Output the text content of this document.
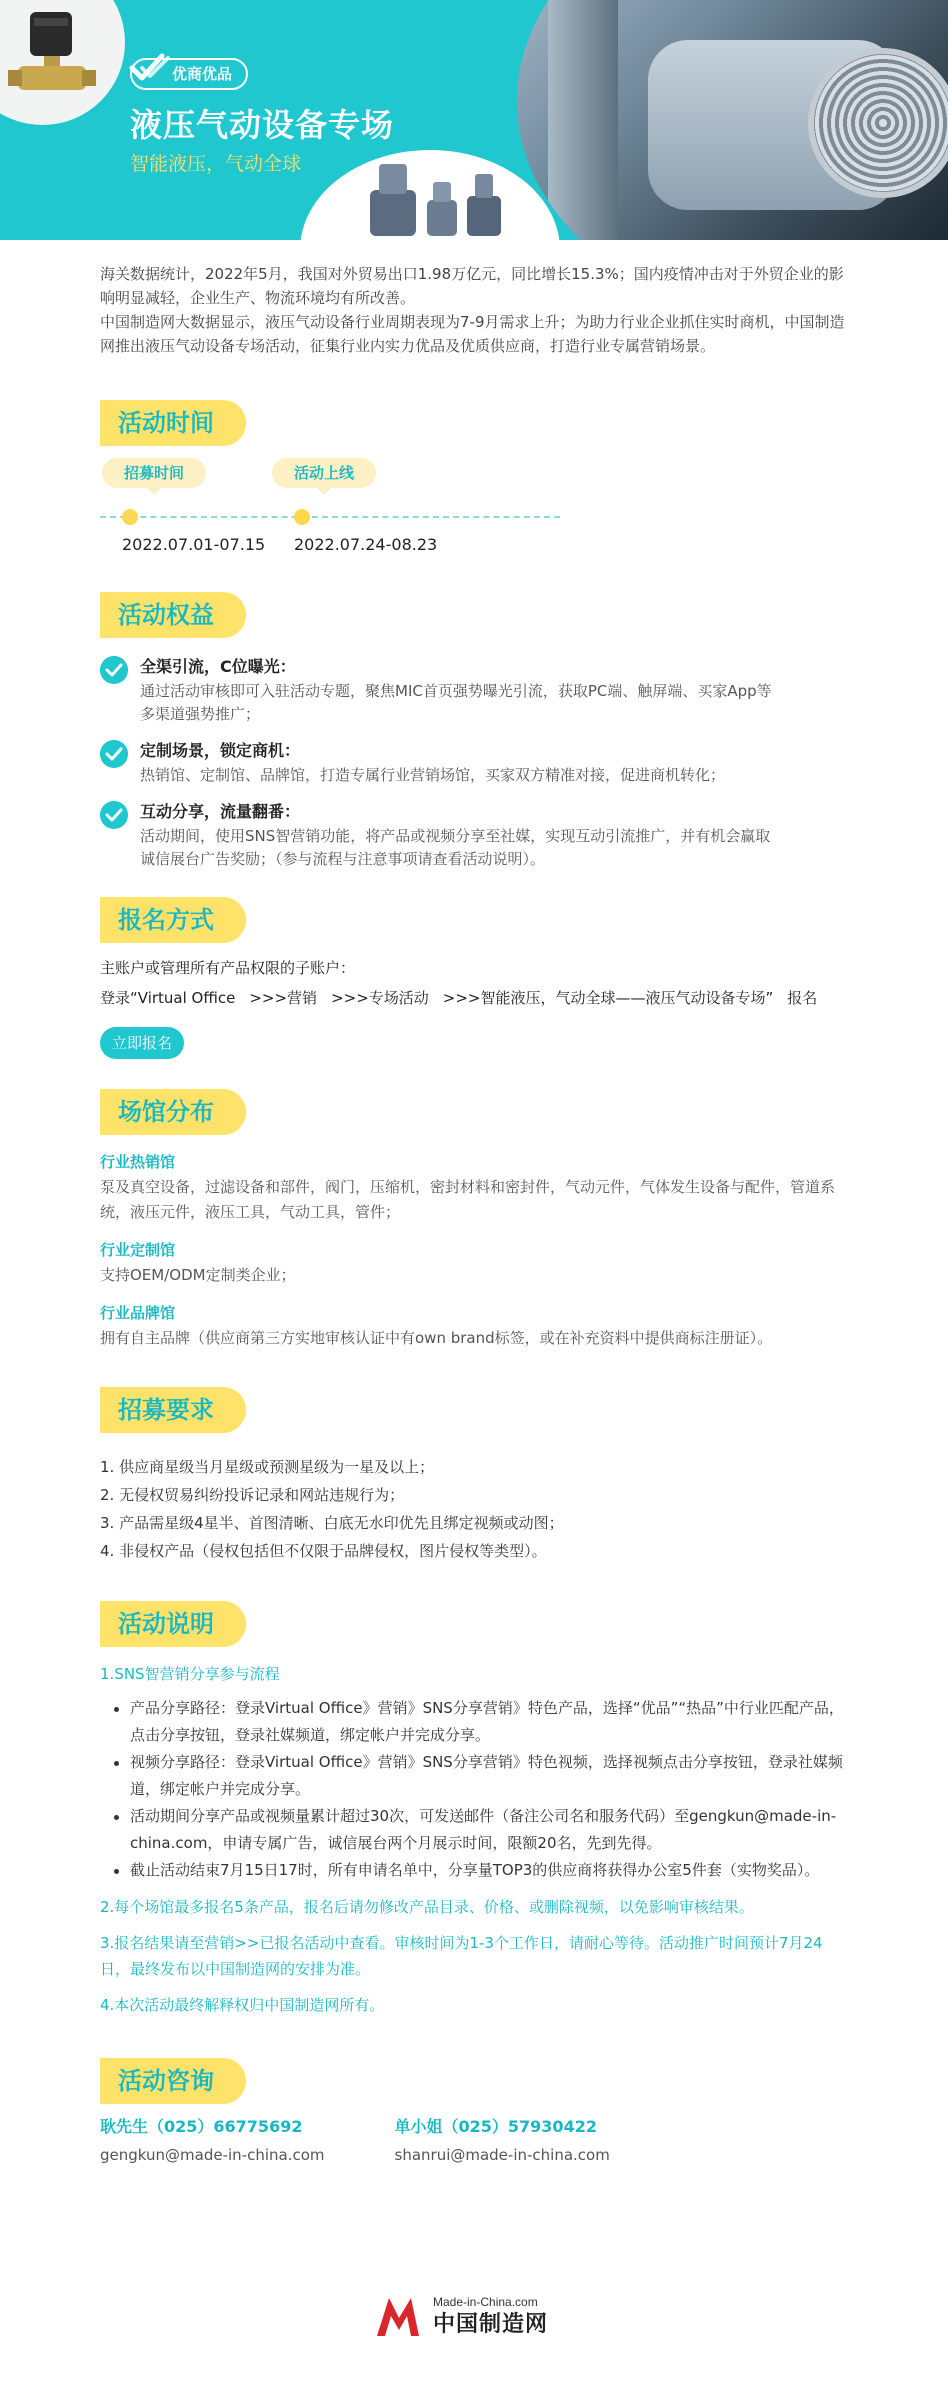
优商优品
液压气动设备专场
智能液压，气动全球

海关数据统计，2022年5月，我国对外贸易出口1.98万亿元，同比增长15.3%；国内疫情冲击对于外贸企业的影响明显减轻，企业生产、物流环境均有所改善。

中国制造网大数据显示，液压气动设备行业周期表现为7-9月需求上升；为助力行业企业抓住实时商机，中国制造网推出液压气动设备专场活动，征集行业内实力优品及优质供应商，打造行业专属营销场景。

活动时间
招募时间	活动上线
2022.07.01-07.15 2022.07.24-08.23
活动权益
全渠引流，C位曝光：

通过活动审核即可入驻活动专题，聚焦MIC首页强势曝光引流，获取PC端、触屏端、买家App等多渠道强势推广；

定制场景，锁定商机：

热销馆、定制馆、品牌馆，打造专属行业营销场馆，买家双方精准对接，促进商机转化；

互动分享，流量翻番：

活动期间，使用SNS智营销功能，将产品或视频分享至社媒，实现互动引流推广，并有机会赢取诚信展台广告奖励；（参与流程与注意事项请查看活动说明）。

报名方式
主账户或管理所有产品权限的子账户：
登录“Virtual Office >>>营销 >>>专场活动 >>>智能液压，气动全球——液压气动设备专场” 报名
立即报名
场馆分布
行业热销馆

泵及真空设备，过滤设备和部件，阀门，压缩机，密封材料和密封件，气动元件，气体发生设备与配件，管道系统，液压元件，液压工具，气动工具，管件；

行业定制馆

支持OEM/ODM定制类企业；

行业品牌馆

拥有自主品牌（供应商第三方实地审核认证中有own brand标签，或在补充资料中提供商标注册证）。

招募要求
1. 供应商星级当月星级或预测星级为一星及以上；
2. 无侵权贸易纠纷投诉记录和网站违规行为；
3. 产品需星级4星半、首图清晰、白底无水印优先且绑定视频或动图；
4. 非侵权产品（侵权包括但不仅限于品牌侵权，图片侵权等类型）。
活动说明
1.SNS智营销分享参与流程
产品分享路径：登录Virtual Office》营销》SNS分享营销》特色产品，选择“优品”“热品”中行业匹配产品，点击分享按钮，登录社媒频道，绑定帐户并完成分享。
视频分享路径：登录Virtual Office》营销》SNS分享营销》特色视频，选择视频点击分享按钮，登录社媒频道，绑定帐户并完成分享。
活动期间分享产品或视频量累计超过30次，可发送邮件（备注公司名和服务代码）至gengkun@made-in-china.com，申请专属广告，诚信展台两个月展示时间，限额20名，先到先得。
截止活动结束7月15日17时，所有申请名单中，分享量TOP3的供应商将获得办公室5件套（实物奖品）。
2.每个场馆最多报名5条产品，报名后请勿修改产品目录、价格、或删除视频，以免影响审核结果。
3.报名结果请至营销>>已报名活动中查看。审核时间为1-3个工作日，请耐心等待。活动推广时间预计7月24日，最终发布以中国制造网的安排为准。
4.本次活动最终解释权归中国制造网所有。
活动咨询
耿先生（025）66775692
gengkun@made-in-china.com
单小姐（025）57930422
shanrui@made-in-china.com
Made-in-China.com
中国制造网
